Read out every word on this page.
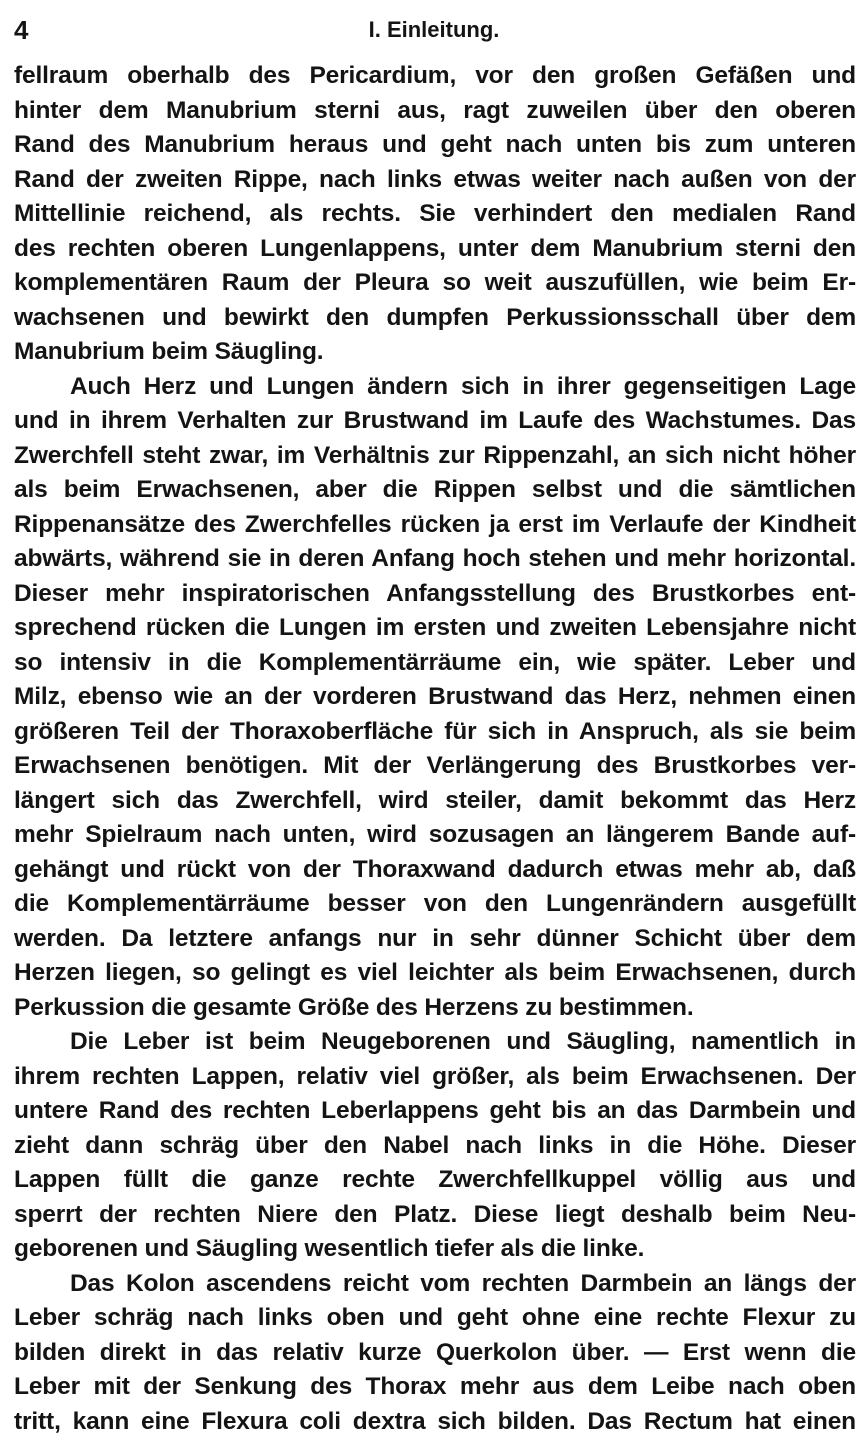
4	I. Einleitung.
fellraum oberhalb des Pericardium, vor den großen Gefäßen und
hinter dem Manubrium sterni aus, ragt zuweilen über den oberen
Rand des Manubrium heraus und geht nach unten bis zum unteren
Rand der zweiten Rippe, nach links etwas weiter nach außen von der
Mittellinie reichend, als rechts. Sie verhindert den medialen Rand
des rechten oberen Lungenlappens, unter dem Manubrium sterni den
komplementären Raum der Pleura so weit auszufüllen, wie beim Er-
wachsenen und bewirkt den dumpfen Perkussionsschall über dem
Manubrium beim Säugling.
Auch Herz und Lungen ändern sich in ihrer gegenseitigen Lage
und in ihrem Verhalten zur Brustwand im Laufe des Wachstumes. Das
Zwerchfell steht zwar, im Verhältnis zur Rippenzahl, an sich nicht höher
als beim Erwachsenen, aber die Rippen selbst und die sämtlichen
Rippenansätze des Zwerchfelles rücken ja erst im Verlaufe der Kindheit
abwärts, während sie in deren Anfang hoch stehen und mehr horizontal.
Dieser mehr inspiratorischen Anfangsstellung des Brustkorbes ent-
sprechend rücken die Lungen im ersten und zweiten Lebensjahre nicht
so intensiv in die Komplementärräume ein, wie später. Leber und
Milz, ebenso wie an der vorderen Brustwand das Herz, nehmen einen
größeren Teil der Thoraxoberfläche für sich in Anspruch, als sie beim
Erwachsenen benötigen. Mit der Verlängerung des Brustkorbes ver-
längert sich das Zwerchfell, wird steiler, damit bekommt das Herz
mehr Spielraum nach unten, wird sozusagen an längerem Bande auf-
gehängt und rückt von der Thoraxwand dadurch etwas mehr ab, daß
die Komplementärräume besser von den Lungenrändern ausgefüllt
werden. Da letztere anfangs nur in sehr dünner Schicht über dem
Herzen liegen, so gelingt es viel leichter als beim Erwachsenen, durch
Perkussion die gesamte Größe des Herzens zu bestimmen.
Die Leber ist beim Neugeborenen und Säugling, namentlich in
ihrem rechten Lappen, relativ viel größer, als beim Erwachsenen. Der
untere Rand des rechten Leberlappens geht bis an das Darmbein und
zieht dann schräg über den Nabel nach links in die Höhe. Dieser
Lappen füllt die ganze rechte Zwerchfellkuppel völlig aus und
sperrt der rechten Niere den Platz. Diese liegt deshalb beim Neu-
geborenen und Säugling wesentlich tiefer als die linke.
Das Kolon ascendens reicht vom rechten Darmbein an längs der
Leber schräg nach links oben und geht ohne eine rechte Flexur zu
bilden direkt in das relativ kurze Querkolon über. — Erst wenn die
Leber mit der Senkung des Thorax mehr aus dem Leibe nach oben
tritt, kann eine Flexura coli dextra sich bilden. Das Rectum hat einen
